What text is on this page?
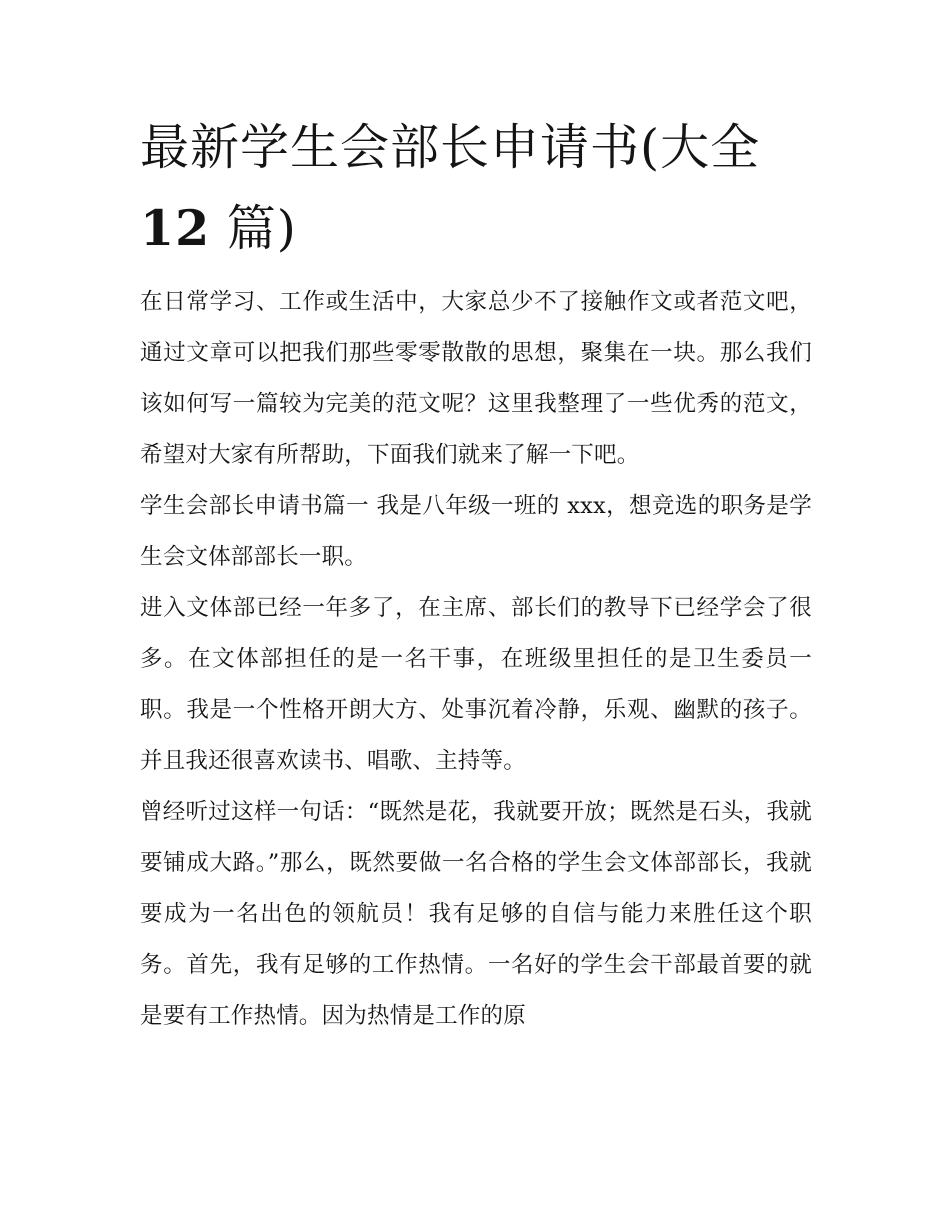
最新学生会部长申请书(大全
12 篇)

在日常学习、工作或生活中，大家总少不了接触作文或者范文吧，通过文章可以把我们那些零零散散的思想，聚集在一块。那么我们该如何写一篇较为完美的范文呢？这里我整理了一些优秀的范文，希望对大家有所帮助，下面我们就来了解一下吧。

学生会部长申请书篇一 我是八年级一班的 xxx，想竞选的职务是学生会文体部部长一职。

进入文体部已经一年多了，在主席、部长们的教导下已经学会了很多。在文体部担任的是一名干事，在班级里担任的是卫生委员一职。我是一个性格开朗大方、处事沉着冷静，乐观、幽默的孩子。并且我还很喜欢读书、唱歌、主持等。

曾经听过这样一句话：“既然是花，我就要开放；既然是石头，我就要铺成大路。”那么，既然要做一名合格的学生会文体部部长，我就要成为一名出色的领航员！我有足够的自信与能力来胜任这个职务。首先，我有足够的工作热情。一名好的学生会干部最首要的就是要有工作热情。因为热情是工作的原
